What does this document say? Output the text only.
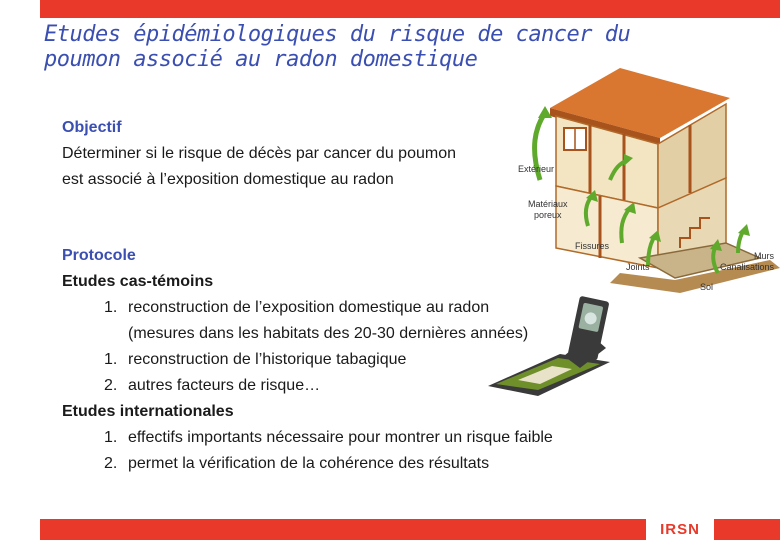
Etudes épidémiologiques du risque de cancer du
poumon associé au radon domestique
Objectif
Déterminer si le risque de décès par cancer du poumon
est associé à l’exposition domestique au radon
Extérieur
Matériaux
poreux
Fissures
Joints
Murs
Canalisations
Sol
Protocole
Etudes cas-témoins
1. reconstruction de l’exposition domestique au radon
(mesures dans les habitats des 20-30 dernières années)
1. reconstruction de l’historique tabagique
2. autres facteurs de risque…
Etudes internationales
1. effectifs importants nécessaire pour montrer un risque faible
2. permet la vérification de la cohérence des résultats
IRSN
